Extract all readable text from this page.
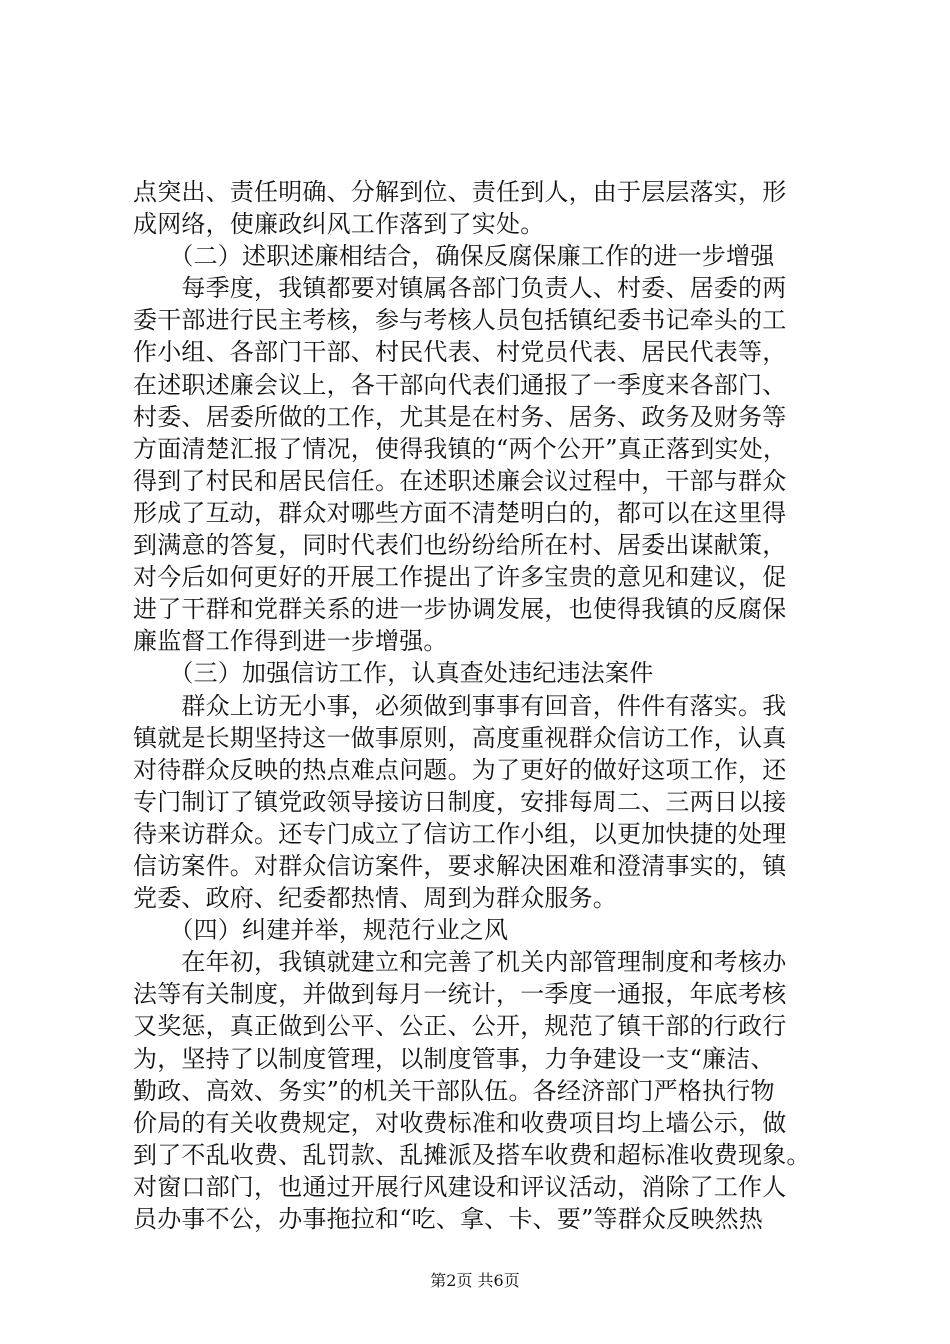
点突出、责任明确、分解到位、责任到人，由于层层落实，形
成网络，使廉政纠风工作落到了实处。
　　（二）述职述廉相结合，确保反腐保廉工作的进一步增强
　　每季度，我镇都要对镇属各部门负责人、村委、居委的两
委干部进行民主考核，参与考核人员包括镇纪委书记牵头的工
作小组、各部门干部、村民代表、村党员代表、居民代表等，
在述职述廉会议上，各干部向代表们通报了一季度来各部门、
村委、居委所做的工作，尤其是在村务、居务、政务及财务等
方面清楚汇报了情况，使得我镇的“两个公开”真正落到实处，
得到了村民和居民信任。在述职述廉会议过程中，干部与群众
形成了互动，群众对哪些方面不清楚明白的，都可以在这里得
到满意的答复，同时代表们也纷纷给所在村、居委出谋献策，
对今后如何更好的开展工作提出了许多宝贵的意见和建议，促
进了干群和党群关系的进一步协调发展，也使得我镇的反腐保
廉监督工作得到进一步增强。
　　（三）加强信访工作，认真查处违纪违法案件
　　群众上访无小事，必须做到事事有回音，件件有落实。我
镇就是长期坚持这一做事原则，高度重视群众信访工作，认真
对待群众反映的热点难点问题。为了更好的做好这项工作，还
专门制订了镇党政领导接访日制度，安排每周二、三两日以接
待来访群众。还专门成立了信访工作小组，以更加快捷的处理
信访案件。对群众信访案件，要求解决困难和澄清事实的，镇
党委、政府、纪委都热情、周到为群众服务。
　　（四）纠建并举，规范行业之风
　　在年初，我镇就建立和完善了机关内部管理制度和考核办
法等有关制度，并做到每月一统计，一季度一通报，年底考核
又奖惩，真正做到公平、公正、公开，规范了镇干部的行政行
为，坚持了以制度管理，以制度管事，力争建设一支“廉洁、
勤政、高效、务实”的机关干部队伍。各经济部门严格执行物
价局的有关收费规定，对收费标准和收费项目均上墙公示，做
到了不乱收费、乱罚款、乱摊派及搭车收费和超标准收费现象。
对窗口部门，也通过开展行风建设和评议活动，消除了工作人
员办事不公，办事拖拉和“吃、拿、卡、要”等群众反映然热
第2页 共6页
